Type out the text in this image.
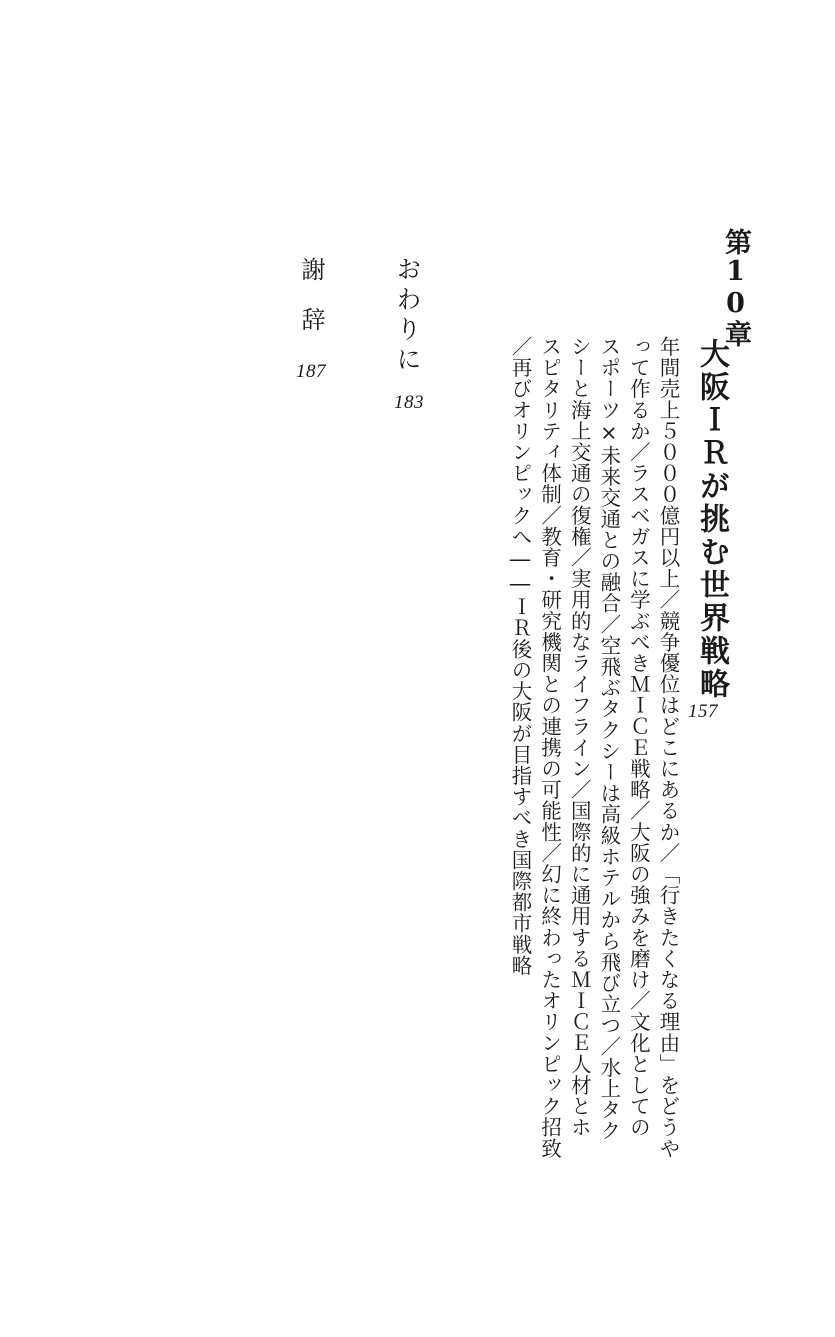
第10章
大阪ＩＲが挑む世界戦略
157
年間売上５０００億円以上／競争優位はどこにあるか／「行きたくなる理由」をどうや
って作るか／ラスベガスに学ぶべきＭＩＣＥ戦略／大阪の強みを磨け／文化としての
スポーツ×未来交通との融合／空飛ぶタクシーは高級ホテルから飛び立つ／水上タク
シーと海上交通の復権／実用的なライフライン／国際的に通用するＭＩＣＥ人材とホ
スピタリティ体制／教育・研究機関との連携の可能性／幻に終わったオリンピック招致
／再びオリンピックへ――ＩＲ後の大阪が目指すべき国際都市戦略
おわりに
183
謝辞
187
